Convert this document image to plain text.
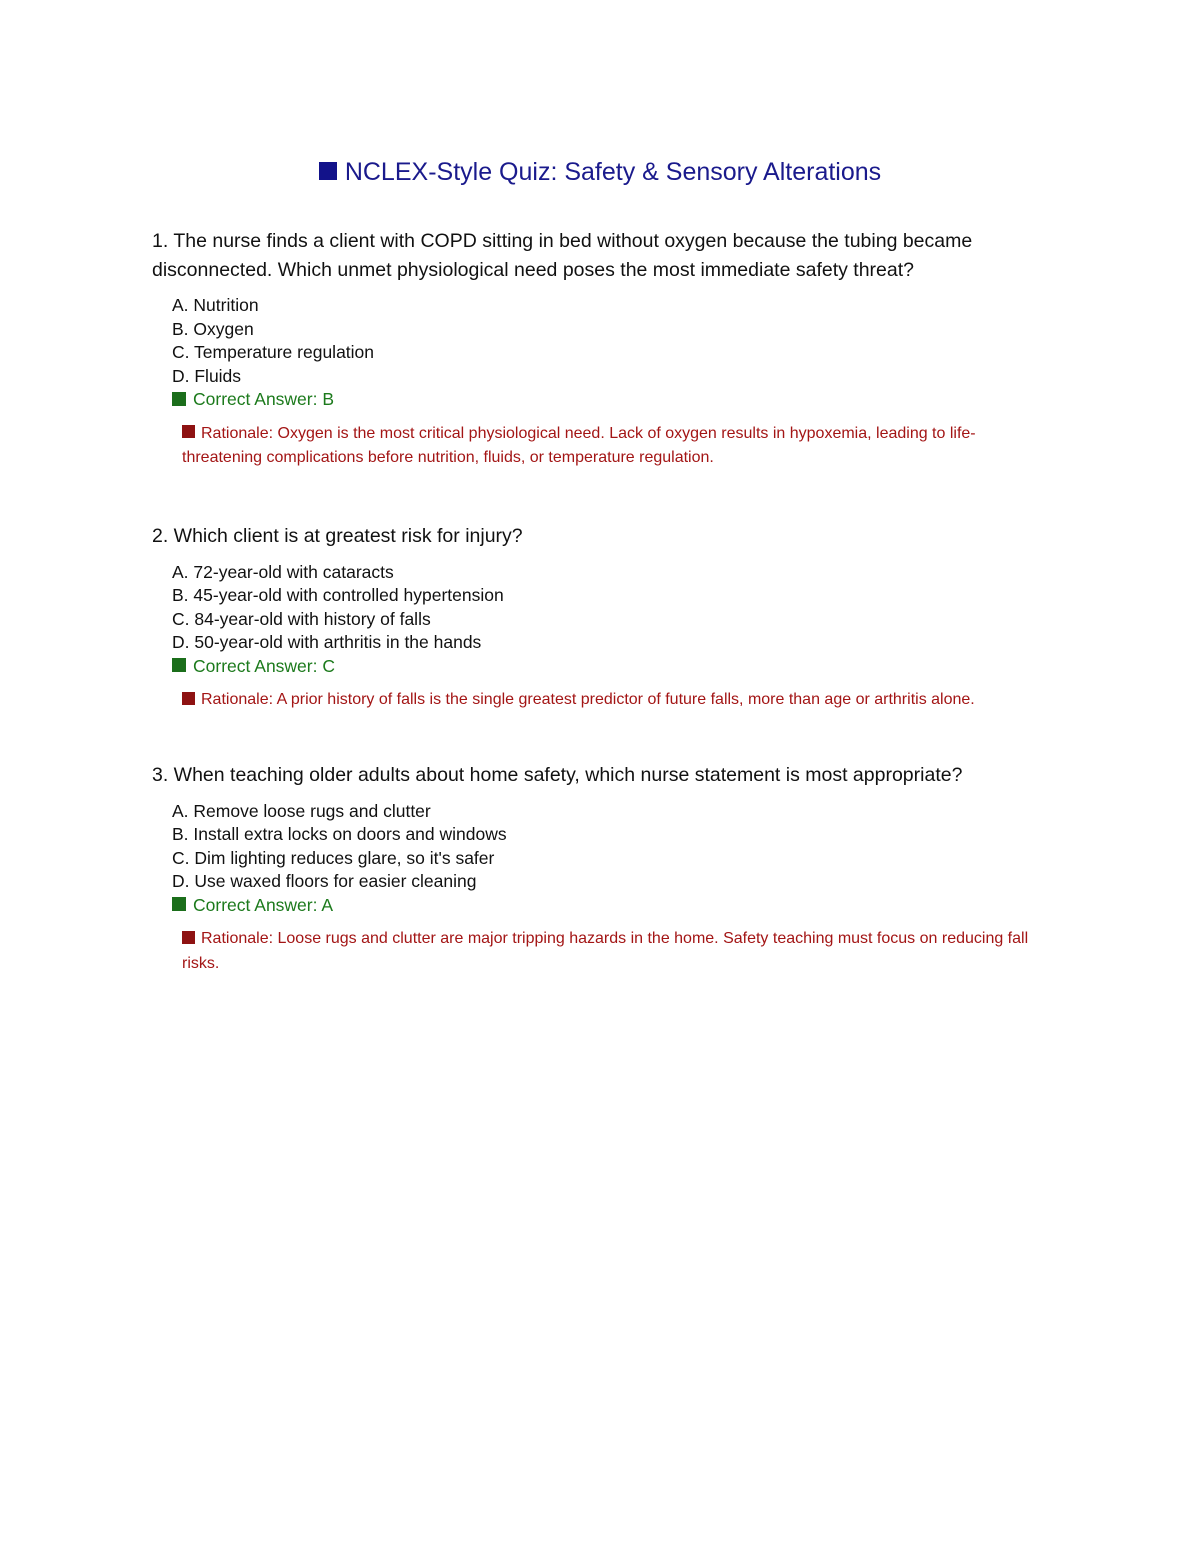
NCLEX-Style Quiz: Safety & Sensory Alterations

1. The nurse finds a client with COPD sitting in bed without oxygen because the tubing became disconnected. Which unmet physiological need poses the most immediate safety threat?

A. Nutrition
B. Oxygen
C. Temperature regulation
D. Fluids
Correct Answer: B
Rationale: Oxygen is the most critical physiological need. Lack of oxygen results in hypoxemia, leading to life-threatening complications before nutrition, fluids, or temperature regulation.

2. Which client is at greatest risk for injury?

A. 72-year-old with cataracts
B. 45-year-old with controlled hypertension
C. 84-year-old with history of falls
D. 50-year-old with arthritis in the hands
Correct Answer: C
Rationale: A prior history of falls is the single greatest predictor of future falls, more than age or arthritis alone.

3. When teaching older adults about home safety, which nurse statement is most appropriate?

A. Remove loose rugs and clutter
B. Install extra locks on doors and windows
C. Dim lighting reduces glare, so it's safer
D. Use waxed floors for easier cleaning
Correct Answer: A
Rationale: Loose rugs and clutter are major tripping hazards in the home. Safety teaching must focus on reducing fall risks.
